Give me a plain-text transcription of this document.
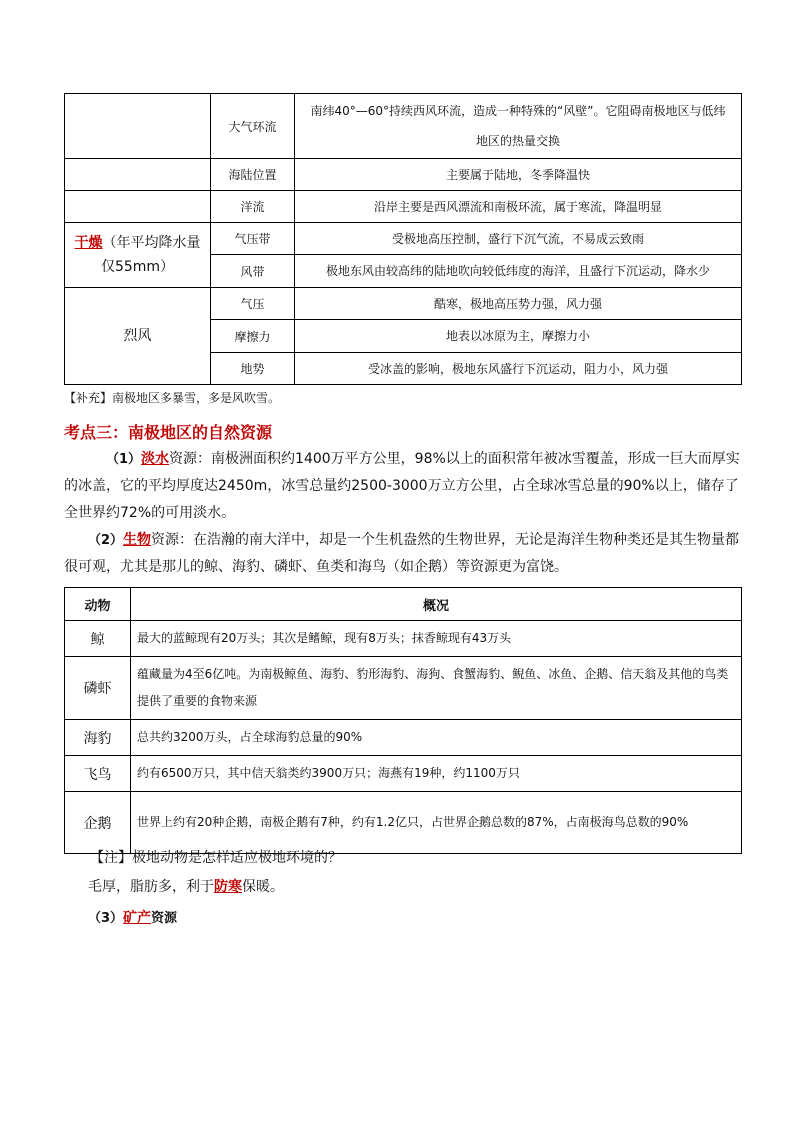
	大气环流	南纬40°—60°持续西风环流，造成一种特殊的“风壁”。它阻碍南极地区与低纬地区的热量交换
	海陆位置	主要属于陆地，冬季降温快
	洋流	沿岸主要是西风漂流和南极环流，属于寒流，降温明显
干燥（年平均降水量仅55mm）	气压带	受极地高压控制，盛行下沉气流，不易成云致雨
	风带	极地东风由较高纬的陆地吹向较低纬度的海洋，且盛行下沉运动，降水少
烈风	气压	酷寒，极地高压势力强，风力强
	摩擦力	地表以冰原为主，摩擦力小
	地势	受冰盖的影响，极地东风盛行下沉运动，阻力小，风力强
【补充】南极地区多暴雪，多是风吹雪。
考点三：南极地区的自然资源
（1）淡水资源：南极洲面积约1400万平方公里，98%以上的面积常年被冰雪覆盖，形成一巨大而厚实的冰盖，它的平均厚度达2450m，冰雪总量约2500-3000万立方公里，占全球冰雪总量的90%以上，储存了全世界约72%的可用淡水。
（2）生物资源：在浩瀚的南大洋中，却是一个生机盎然的生物世界，无论是海洋生物种类还是其生物量都很可观，尤其是那儿的鲸、海豹、磷虾、鱼类和海鸟（如企鹅）等资源更为富饶。
动物	概况
鲸	最大的蓝鲸现有20万头；其次是鳍鲸，现有8万头；抹香鲸现有43万头
磷虾	蕴藏量为4至6亿吨。为南极鲸鱼、海豹、豹形海豹、海狗、食蟹海豹、鲵鱼、冰鱼、企鹅、信天翁及其他的鸟类提供了重要的食物来源
海豹	总共约3200万头，占全球海豹总量的90%
飞鸟	约有6500万只，其中信天翁类约3900万只；海燕有19种，约1100万只
企鹅	世界上约有20种企鹅，南极企鹅有7种，约有1.2亿只，占世界企鹅总数的87%，占南极海鸟总数的90%
【注】极地动物是怎样适应极地环境的？
毛厚，脂肪多，利于防寒保暖。
（3）矿产资源
